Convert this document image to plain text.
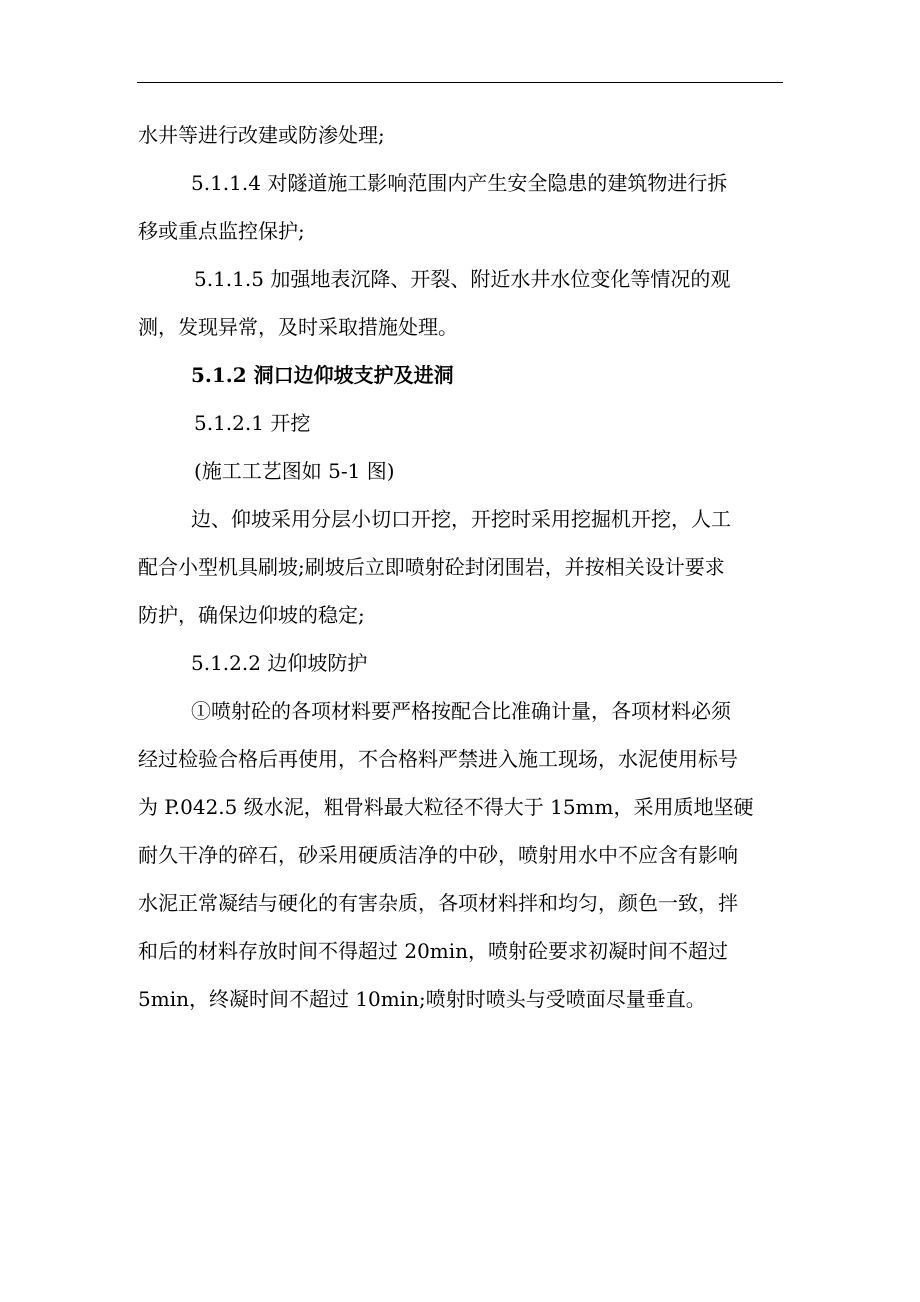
水井等进行改建或防渗处理;
5.1.1.4 对隧道施工影响范围内产生安全隐患的建筑物进行拆
移或重点监控保护;
5.1.1.5 加强地表沉降、开裂、附近水井水位变化等情况的观
测，发现异常，及时采取措施处理。
5.1.2 洞口边仰坡支护及进洞
5.1.2.1 开挖
(施工工艺图如 5-1 图)
边、仰坡采用分层小切口开挖，开挖时采用挖掘机开挖，人工
配合小型机具刷坡;刷坡后立即喷射砼封闭围岩，并按相关设计要求
防护，确保边仰坡的稳定;
5.1.2.2 边仰坡防护
①喷射砼的各项材料要严格按配合比准确计量，各项材料必须
经过检验合格后再使用，不合格料严禁进入施工现场，水泥使用标号
为 P.042.5 级水泥，粗骨料最大粒径不得大于 15mm，采用质地坚硬
耐久干净的碎石，砂采用硬质洁净的中砂，喷射用水中不应含有影响
水泥正常凝结与硬化的有害杂质，各项材料拌和均匀，颜色一致，拌
和后的材料存放时间不得超过 20min，喷射砼要求初凝时间不超过
5min，终凝时间不超过 10min;喷射时喷头与受喷面尽量垂直。
